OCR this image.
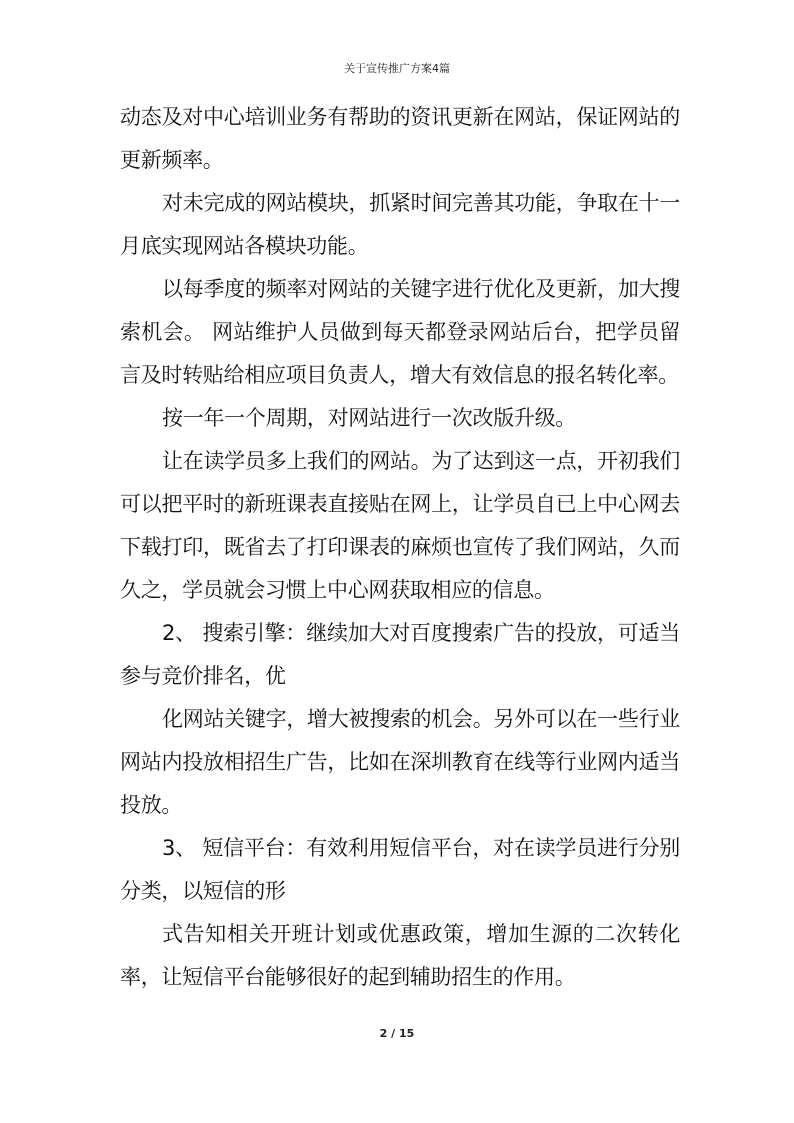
关于宣传推广方案4篇

动态及对中心培训业务有帮助的资讯更新在网站，保证网站的更新频率。

对未完成的网站模块，抓紧时间完善其功能，争取在十一月底实现网站各模块功能。

以每季度的频率对网站的关键字进行优化及更新，加大搜索机会。 网站维护人员做到每天都登录网站后台，把学员留言及时转贴给相应项目负责人，增大有效信息的报名转化率。

按一年一个周期，对网站进行一次改版升级。

让在读学员多上我们的网站。为了达到这一点，开初我们可以把平时的新班课表直接贴在网上，让学员自已上中心网去下载打印，既省去了打印课表的麻烦也宣传了我们网站，久而久之，学员就会习惯上中心网获取相应的信息。

2、 搜索引擎：继续加大对百度搜索广告的投放，可适当参与竞价排名，优

化网站关键字，增大被搜索的机会。另外可以在一些行业网站内投放相招生广告，比如在深圳教育在线等行业网内适当投放。

3、 短信平台：有效利用短信平台，对在读学员进行分别分类，以短信的形

式告知相关开班计划或优惠政策，增加生源的二次转化率，让短信平台能够很好的起到辅助招生的作用。

2 / 15
